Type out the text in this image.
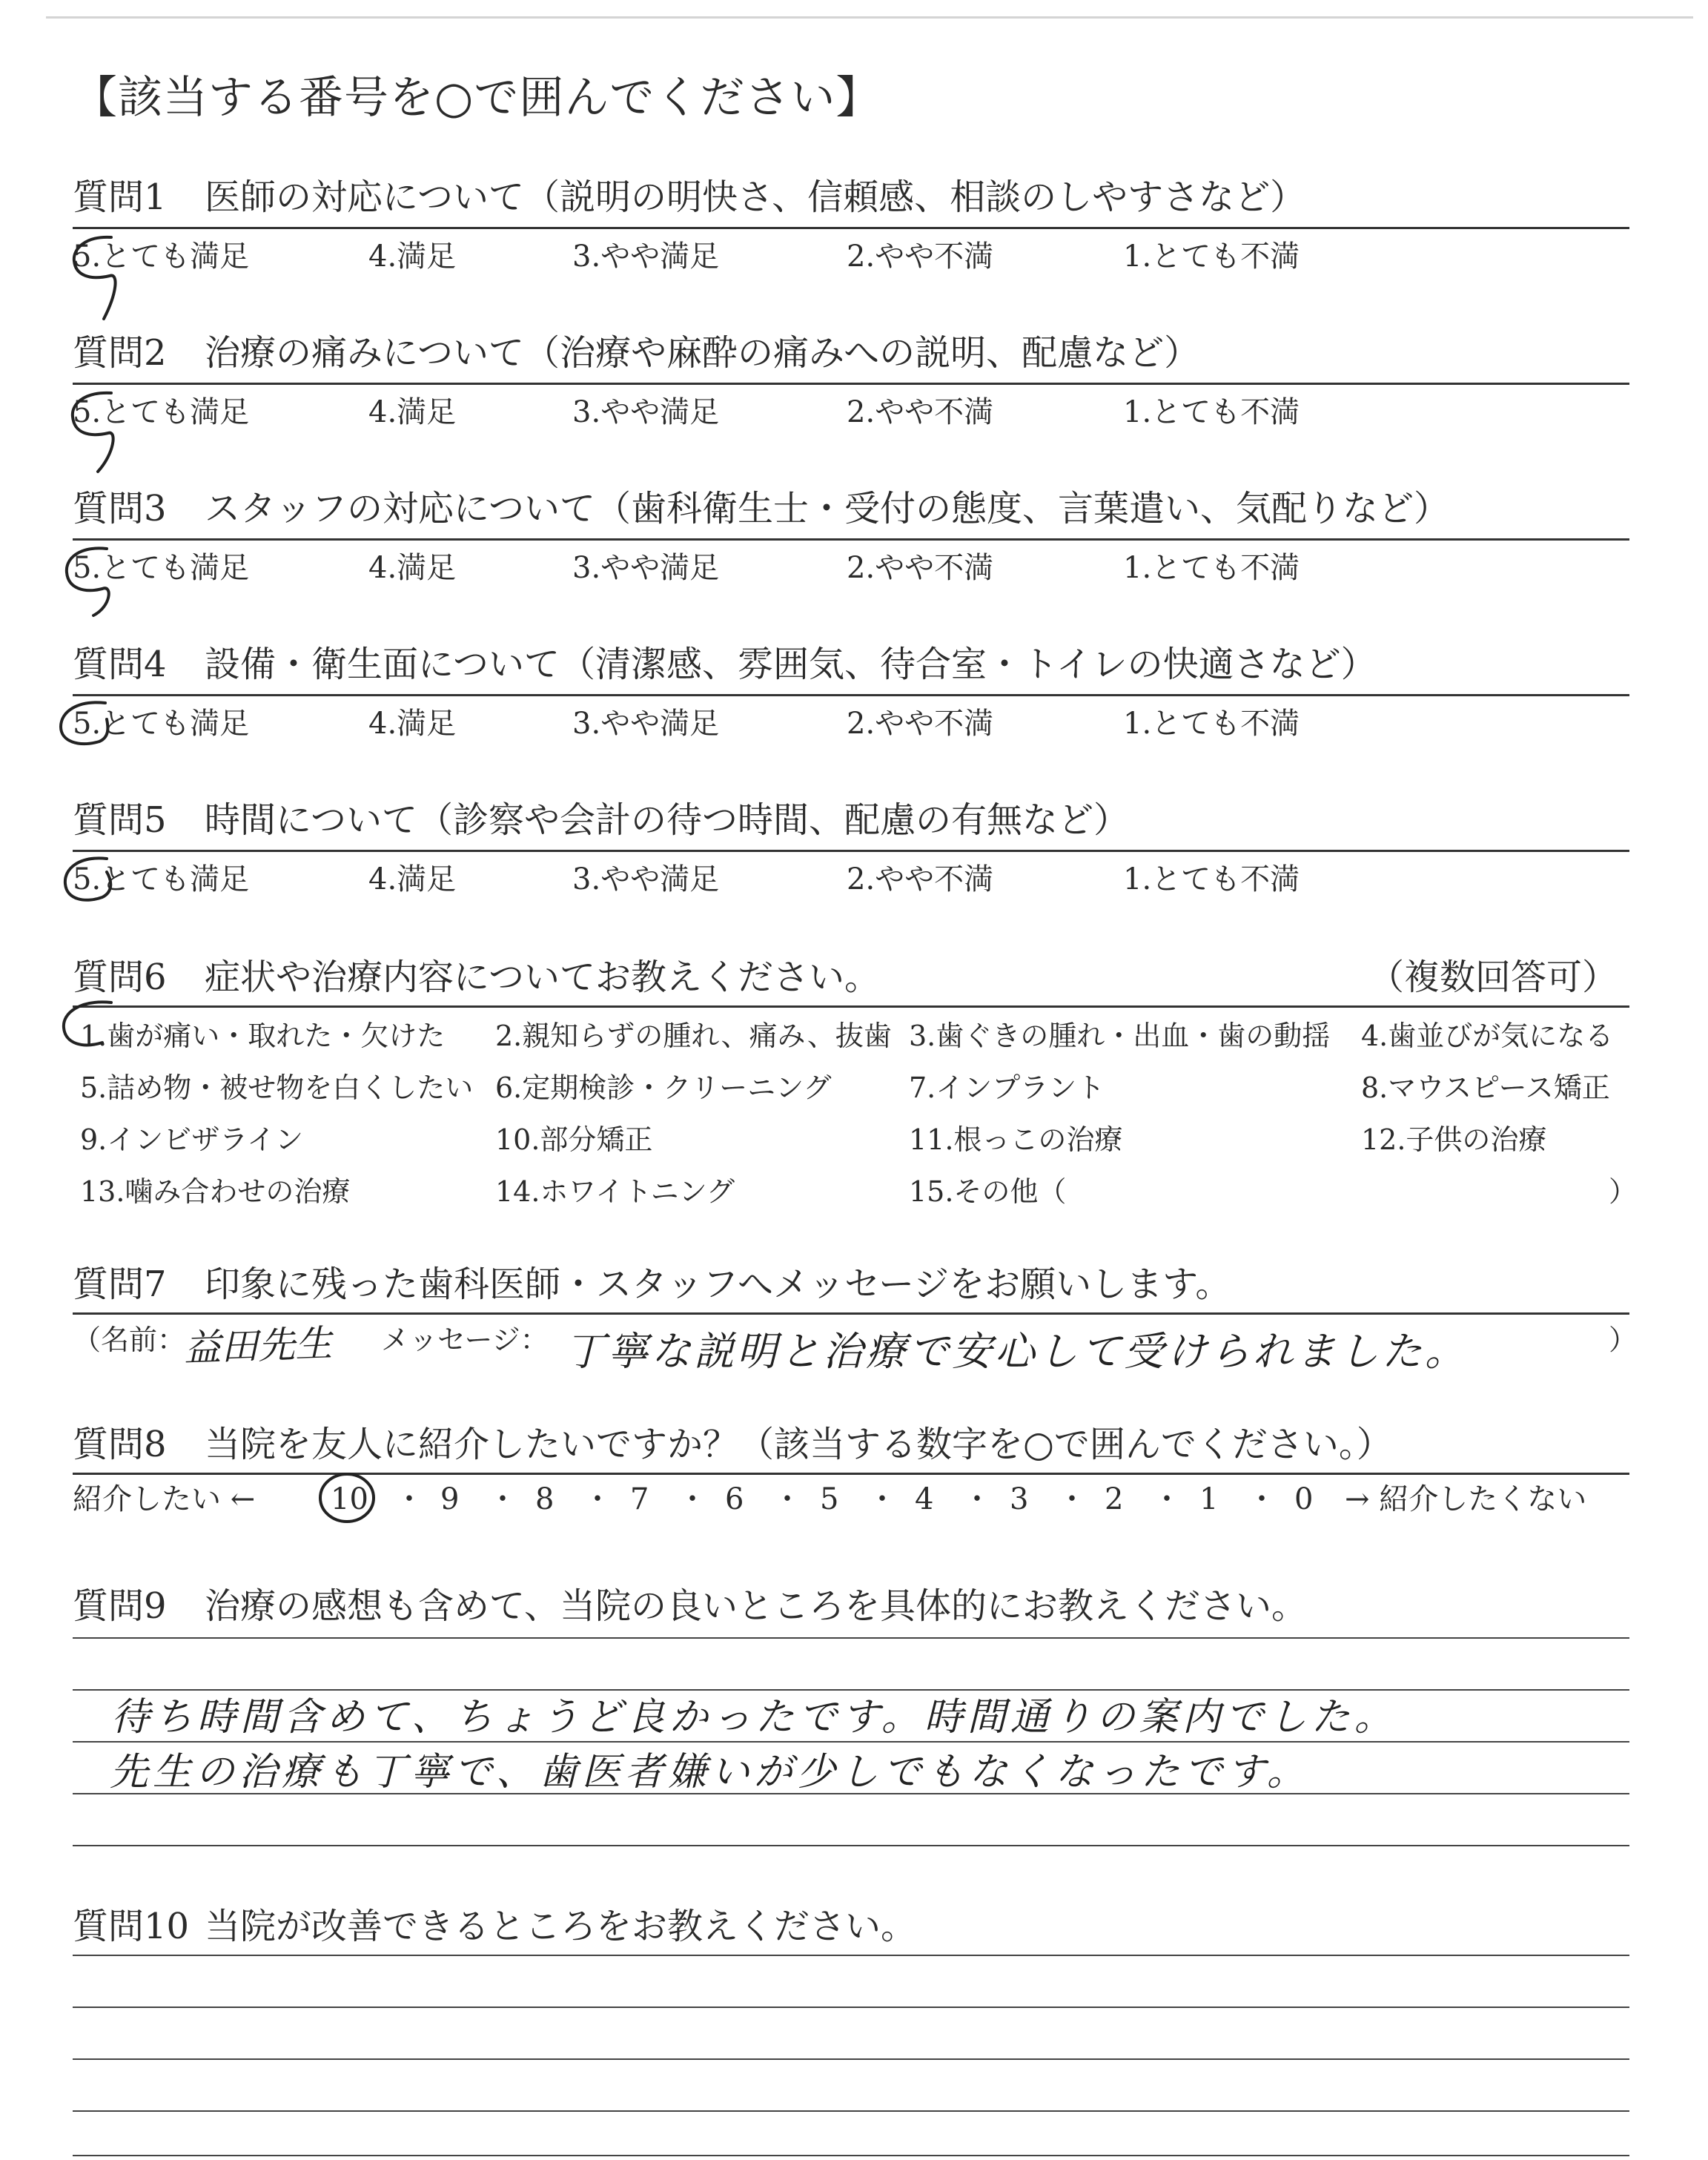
【該当する番号を○で囲んでください】
質問1 医師の対応について（説明の明快さ、信頼感、相談のしやすさなど）
5.とても満足	4.満足	3.やや満足	2.やや不満	1.とても不満
質問2 治療の痛みについて（治療や麻酔の痛みへの説明、配慮など）
5.とても満足	4.満足	3.やや満足	2.やや不満	1.とても不満
質問3 スタッフの対応について（歯科衛生士・受付の態度、言葉遣い、気配りなど）
5.とても満足	4.満足	3.やや満足	2.やや不満	1.とても不満
質問4 設備・衛生面について（清潔感、雰囲気、待合室・トイレの快適さなど）
5.とても満足	4.満足	3.やや満足	2.やや不満	1.とても不満
質問5 時間について（診察や会計の待つ時間、配慮の有無など）
5.とても満足	4.満足	3.やや満足	2.やや不満	1.とても不満
質問6 症状や治療内容についてお教えください。	（複数回答可）
1.歯が痛い・取れた・欠けた 2.親知らずの腫れ、痛み、抜歯 3.歯ぐきの腫れ・出血・歯の動揺 4.歯並びが気になる
5.詰め物・被せ物を白くしたい 6.定期検診・クリーニング	7.インプラント	8.マウスピース矯正
9.インビザライン	10.部分矯正	11.根っこの治療	12.子供の治療
13.噛み合わせの治療	14.ホワイトニング	15.その他（	）
質問7 印象に残った歯科医師・スタッフへメッセージをお願いします。
（名前：
益田先生 メッセージ： 丁寧な説明と治療で安心して受けられました。	）
質問8 当院を友人に紹介したいですか？（該当する数字を○で囲んでください。）
紹介したい ←	10 ・ 9 ・ 8 ・ 7 ・ 6 ・ 5 ・ 4 ・ 3 ・ 2 ・ 1 ・ 0 → 紹介したくない
質問9 治療の感想も含めて、当院の良いところを具体的にお教えください。
待ち時間含めて、ちょうど良かったです。時間通りの案内でした。
先生の治療も丁寧で、歯医者嫌いが少しでもなくなったです。
質問10 当院が改善できるところをお教えください。
